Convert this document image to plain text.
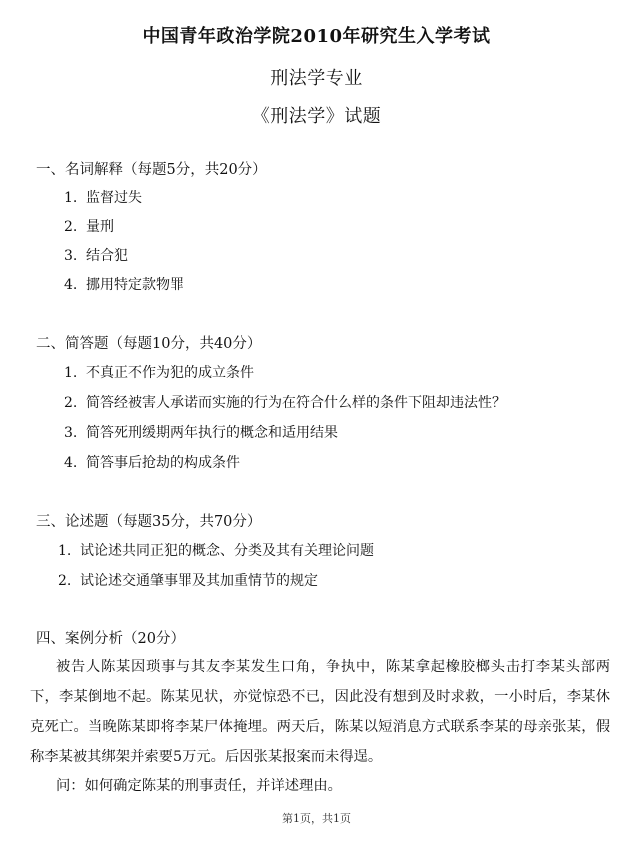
中国青年政治学院2010年研究生入学考试
刑法学专业
《刑法学》试题
一、名词解释（每题5分，共20分）
1. 监督过失
2. 量刑
3. 结合犯
4. 挪用特定款物罪
二、简答题（每题10分，共40分）
1. 不真正不作为犯的成立条件
2. 简答经被害人承诺而实施的行为在符合什么样的条件下阻却违法性？
3. 简答死刑缓期两年执行的概念和适用结果
4. 简答事后抢劫的构成条件
三、论述题（每题35分，共70分）
1. 试论述共同正犯的概念、分类及其有关理论问题
2. 试论述交通肇事罪及其加重情节的规定
四、案例分析（20分）

被告人陈某因琐事与其友李某发生口角，争执中，陈某拿起橡胶榔头击打李某头部两下，李某倒地不起。陈某见状，亦觉惊恐不已，因此没有想到及时求救，一小时后，李某休克死亡。当晚陈某即将李某尸体掩埋。两天后，陈某以短消息方式联系李某的母亲张某，假称李某被其绑架并索要5万元。后因张某报案而未得逞。

问：如何确定陈某的刑事责任，并详述理由。
第1页，共1页
